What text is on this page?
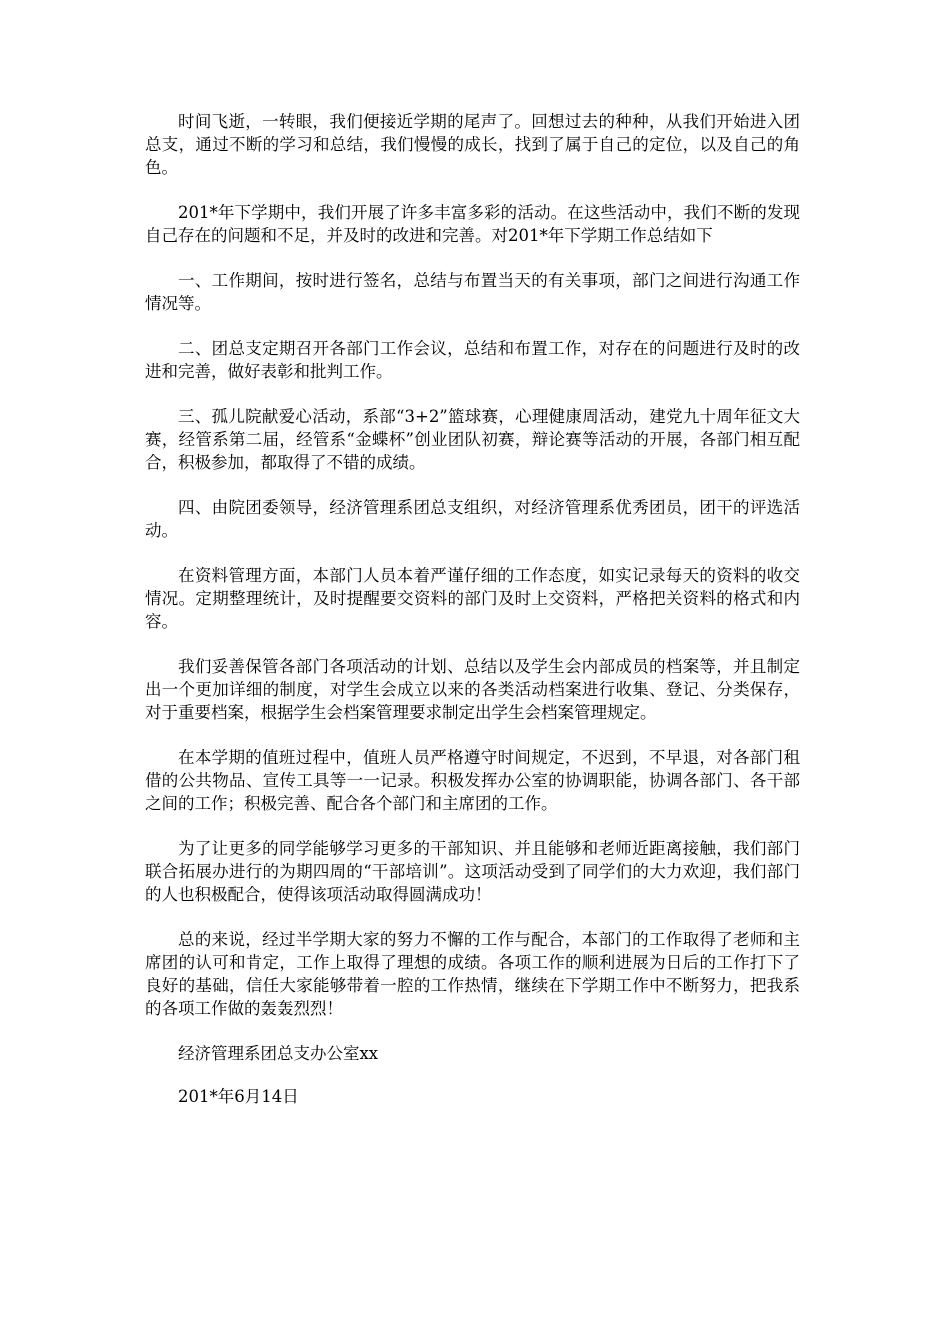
时间飞逝，一转眼，我们便接近学期的尾声了。回想过去的种种，从我们开始进入团总支，通过不断的学习和总结，我们慢慢的成长，找到了属于自己的定位，以及自己的角色。

201*年下学期中，我们开展了许多丰富多彩的活动。在这些活动中，我们不断的发现自己存在的问题和不足，并及时的改进和完善。对201*年下学期工作总结如下

一、工作期间，按时进行签名，总结与布置当天的有关事项，部门之间进行沟通工作情况等。

二、团总支定期召开各部门工作会议，总结和布置工作，对存在的问题进行及时的改进和完善，做好表彰和批判工作。

三、孤儿院献爱心活动，系部“3+2”篮球赛，心理健康周活动，建党九十周年征文大赛，经管系第二届，经管系“金蝶杯”创业团队初赛，辩论赛等活动的开展，各部门相互配合，积极参加，都取得了不错的成绩。

四、由院团委领导，经济管理系团总支组织，对经济管理系优秀团员，团干的评选活动。

在资料管理方面，本部门人员本着严谨仔细的工作态度，如实记录每天的资料的收交情况。定期整理统计，及时提醒要交资料的部门及时上交资料，严格把关资料的格式和内容。

我们妥善保管各部门各项活动的计划、总结以及学生会内部成员的档案等，并且制定出一个更加详细的制度，对学生会成立以来的各类活动档案进行收集、登记、分类保存，对于重要档案，根据学生会档案管理要求制定出学生会档案管理规定。

在本学期的值班过程中，值班人员严格遵守时间规定，不迟到，不早退，对各部门租借的公共物品、宣传工具等一一记录。积极发挥办公室的协调职能，协调各部门、各干部之间的工作；积极完善、配合各个部门和主席团的工作。

为了让更多的同学能够学习更多的干部知识、并且能够和老师近距离接触，我们部门联合拓展办进行的为期四周的“干部培训”。这项活动受到了同学们的大力欢迎，我们部门的人也积极配合，使得该项活动取得圆满成功！

总的来说，经过半学期大家的努力不懈的工作与配合，本部门的工作取得了老师和主席团的认可和肯定，工作上取得了理想的成绩。各项工作的顺利进展为日后的工作打下了良好的基础，信任大家能够带着一腔的工作热情，继续在下学期工作中不断努力，把我系的各项工作做的轰轰烈烈！

经济管理系团总支办公室xx

201*年6月14日
